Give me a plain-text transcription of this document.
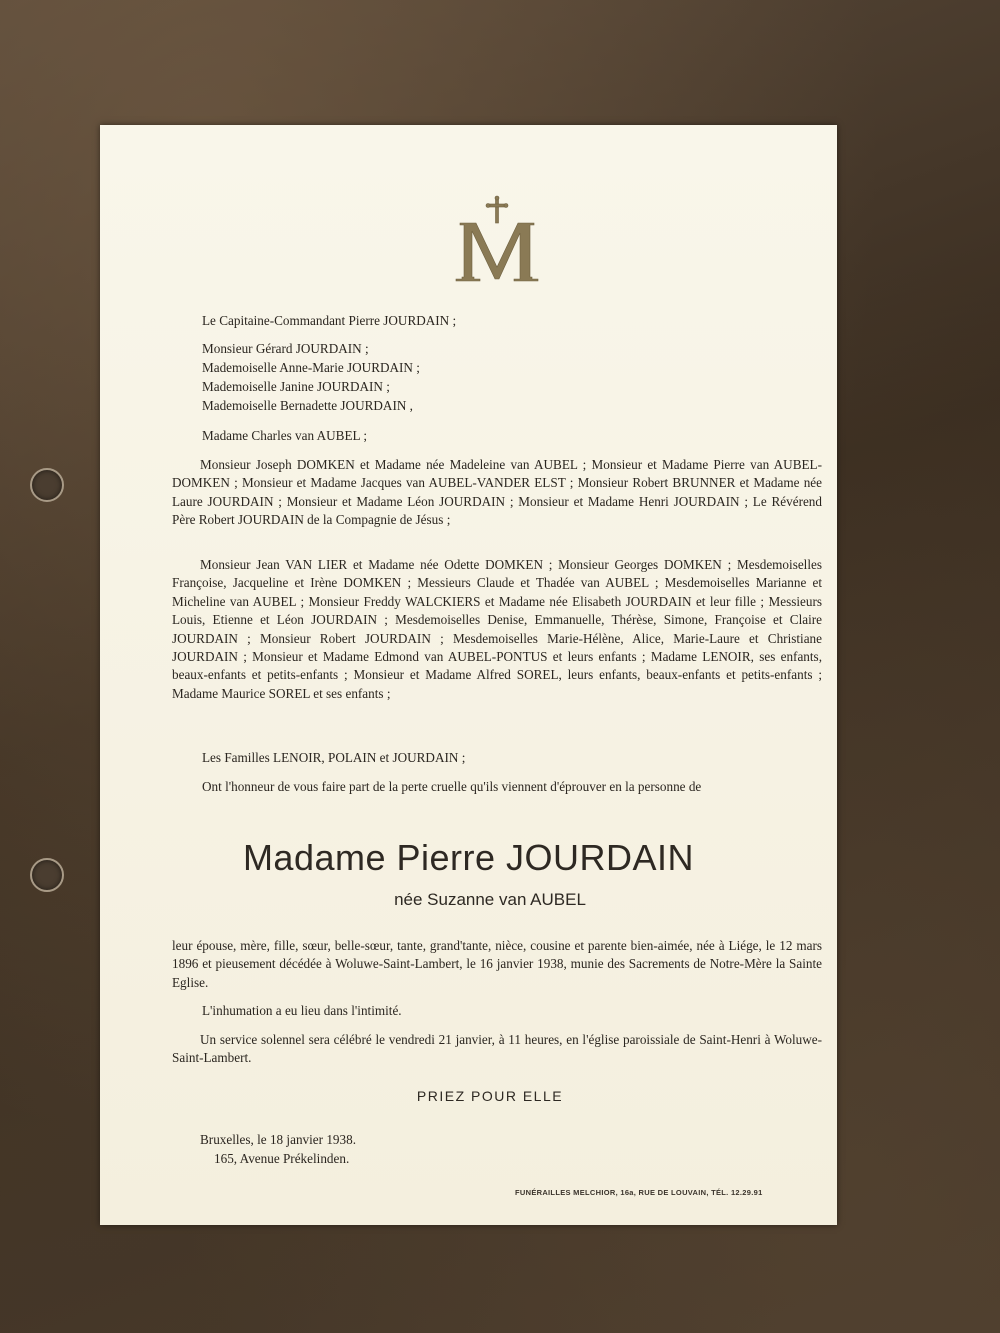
Le Capitaine-Commandant Pierre JOURDAIN ;
Monsieur Gérard JOURDAIN ;
Mademoiselle Anne-Marie JOURDAIN ;
Mademoiselle Janine JOURDAIN ;
Mademoiselle Bernadette JOURDAIN ,
Madame Charles van AUBEL ;
Monsieur Joseph DOMKEN et Madame née Madeleine van AUBEL ; Monsieur et Madame Pierre van AUBEL-DOMKEN ; Monsieur et Madame Jacques van AUBEL-VANDER ELST ; Monsieur Robert BRUNNER et Madame née Laure JOURDAIN ; Monsieur et Madame Léon JOURDAIN ; Monsieur et Madame Henri JOURDAIN ; Le Révérend Père Robert JOURDAIN de la Compagnie de Jésus ;
Monsieur Jean VAN LIER et Madame née Odette DOMKEN ; Monsieur Georges DOMKEN ; Mesdemoiselles Françoise, Jacqueline et Irène DOMKEN ; Messieurs Claude et Thadée van AUBEL ; Mesdemoiselles Marianne et Micheline van AUBEL ; Monsieur Freddy WALCKIERS et Madame née Elisabeth JOURDAIN et leur fille ; Messieurs Louis, Etienne et Léon JOURDAIN ; Mesdemoiselles Denise, Emmanuelle, Thérèse, Simone, Françoise et Claire JOURDAIN ; Monsieur Robert JOURDAIN ; Mesdemoiselles Marie-Hélène, Alice, Marie-Laure et Christiane JOURDAIN ; Monsieur et Madame Edmond van AUBEL-PONTUS et leurs enfants ; Madame LENOIR, ses enfants, beaux-enfants et petits-enfants ; Monsieur et Madame Alfred SOREL, leurs enfants, beaux-enfants et petits-enfants ; Madame Maurice SOREL et ses enfants ;
Les Familles LENOIR, POLAIN et JOURDAIN ;
Ont l'honneur de vous faire part de la perte cruelle qu'ils viennent d'éprouver en la personne de
Madame Pierre JOURDAIN
née Suzanne van AUBEL
leur épouse, mère, fille, sœur, belle-sœur, tante, grand'tante, nièce, cousine et parente bien-aimée, née à Liége, le 12 mars 1896 et pieusement décédée à Woluwe-Saint-Lambert, le 16 janvier 1938, munie des Sacrements de Notre-Mère la Sainte Eglise.
L'inhumation a eu lieu dans l'intimité.
Un service solennel sera célébré le vendredi 21 janvier, à 11 heures, en l'église paroissiale de Saint-Henri à Woluwe-Saint-Lambert.
PRIEZ POUR ELLE
Bruxelles, le 18 janvier 1938.
165, Avenue Prékelinden.
FUNÉRAILLES MELCHIOR, 16a, RUE DE LOUVAIN, TÉL. 12.29.91
